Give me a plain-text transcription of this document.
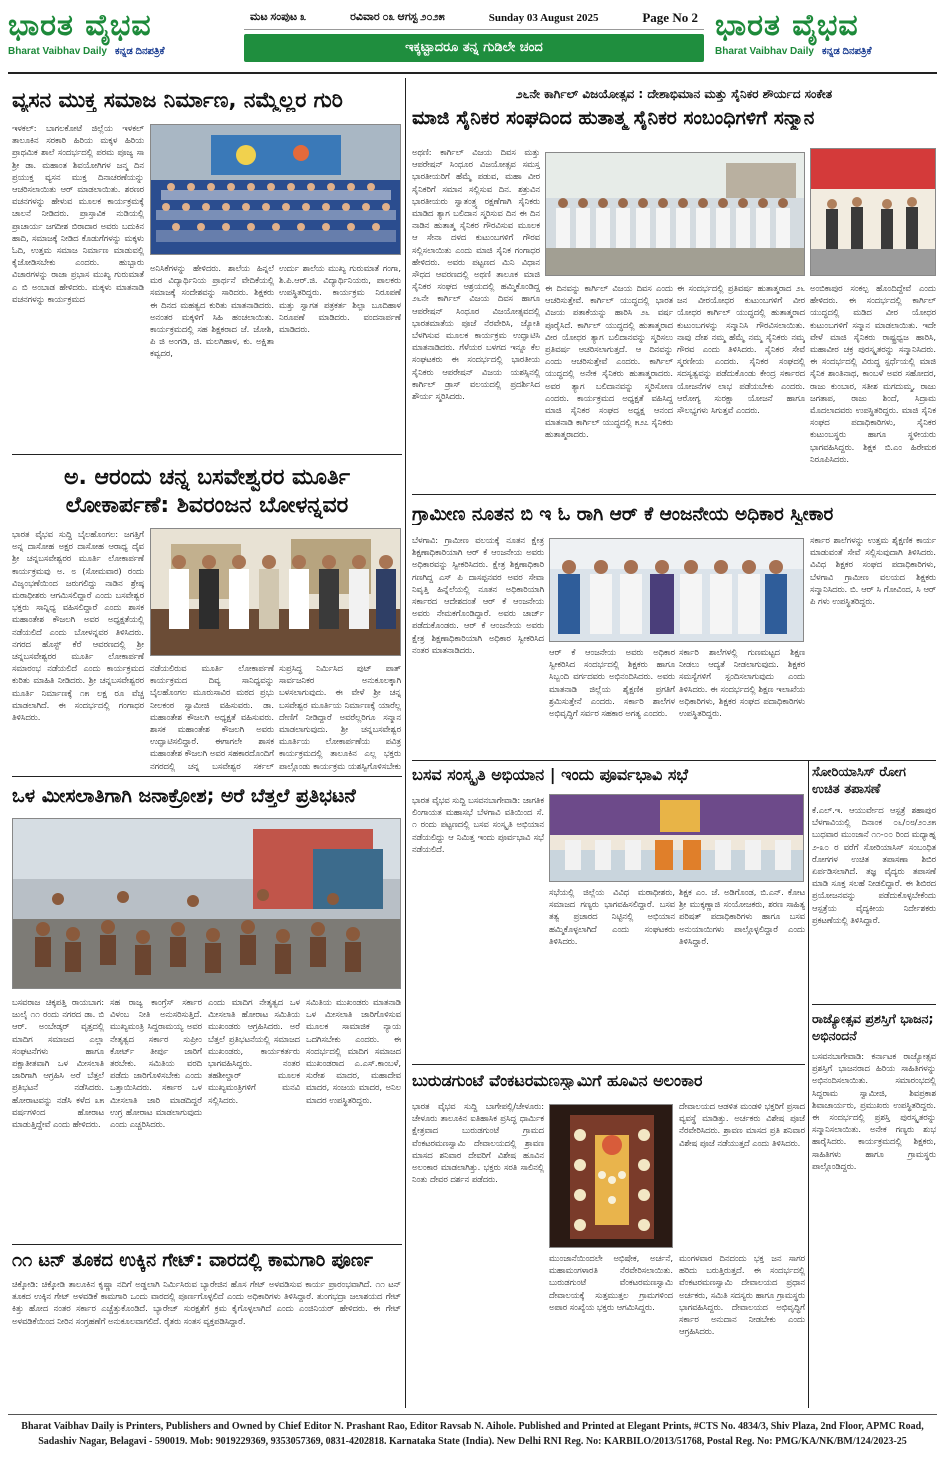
ಭಾರತ ವೈಭವ
Bharat Vaibhav Daily ಕನ್ನಡ ದಿನಪತ್ರಿಕೆ
ಮಟ ಸಂಪುಟ ೩	ರವಿವಾರ ೦೩ ಆಗಸ್ಟ ೨೦೨೫	Sunday 03 August 2025	Page No 2
ಇಕ್ಕಟ್ಟಾದರೂ ತನ್ನ ಗುಡಿಲೇ ಚಂದ
ಭಾರತ ವೈಭವ
Bharat Vaibhav Daily ಕನ್ನಡ ದಿನಪತ್ರಿಕೆ
ವ್ಯಸನ ಮುಕ್ತ ಸಮಾಜ ನಿರ್ಮಾಣ, ನಮ್ಮೆಲ್ಲರ ಗುರಿ
ಇಳಕಲ್: ಬಾಗಲಕೋಟೆ ಜಿಲ್ಲೆಯ ಇಳಕಲ್ ತಾಲೂಕಿನ ಸರಕಾರಿ ಹಿರಿಯ ಮಕ್ಕಳ ಹಿರಿಯ ಪ್ರಾಥಮಿಕ ಶಾಲೆ ಸಂದರ್ಭದಲ್ಲಿ ಪರಮ ಪೂಜ್ಯ ಸಾ ಶ್ರೀ ಡಾ. ಮಹಾಂತ ಶಿವಯೋಗಿಗಳ ಜನ್ಮ ದಿನ ಪ್ರಯುಕ್ತ ವ್ಯಸನ ಮುಕ್ತ ದಿನಾಚರಣೆಯನ್ನು ಆಚರಿಸಲಾಯಿತು ಆರ್ ಮಾಡಲಾಯಿತು. ಶರಣರ ವಚನಗಳನ್ನು ಹೇಳುವ ಮೂಲಕ ಕಾರ್ಯಕ್ರಮಕ್ಕೆ ಚಾಲನೆ ನೀಡಿದರು. ಪ್ರಾಸ್ತಾವಿಕ ನುಡಿಯಲ್ಲಿ ಪ್ರಾಚಾರ್ಯ ಜಗದೀಶ ಬಿರಾದಾರ ಅವರು ಬದುಕಿನ ಹಾದಿ, ಸಮಾಜಕ್ಕೆ ನೀಡಿದ ಕೊಡುಗೆಗಳನ್ನು ಮಕ್ಕಳು ಓದಿ, ಉತ್ತಮ ಸಮಾಜ ನಿರ್ಮಾಣ ಮಾಡುವಲ್ಲಿ ಕೈಜೋಡಿಸಬೇಕು ಎಂದರು. ಹುಬ್ಬಾರು ವಿಚಾರಗಳನ್ನು ರಾಜಾ ಪ್ರಭಾಸ ಮುಖ್ಯ ಗುರುಮಾತೆ ಎ ಬಿ ಅಂಬಾಡ ಹೇಳಿದರು. ಮಕ್ಕಳು ಮಾತನಾಡಿ ವಚನಗಳನ್ನು ಕಾರ್ಯಕ್ರಮದ
ಅನಿಸಿಕೆಗಳನ್ನು ಹೇಳಿದರು. ಶಾಲೆಯ ಹಿನ್ನಲೆ ಮಠ ವಿದ್ಯಾರ್ಥಿನಿಯ ಪ್ರಾರ್ಥನೆ ವೇದಿಕೆಯಲ್ಲಿ ಸಮಾಜಕ್ಕೆ ಸಂದೇಶವನ್ನು ಸಾರಿದರು. ಶಿಕ್ಷಕರು ಈ ದಿನದ ಮಹತ್ವದ ಕುರಿತು ಮಾತನಾಡಿದರು. ಅನಂತರ ಮಕ್ಕಳಿಗೆ ಸಿಹಿ ಹಂಚಲಾಯಿತು. ಕಾರ್ಯಕ್ರಮದಲ್ಲಿ ಸಹ ಶಿಕ್ಷಕರಾದ ಜೆ. ಜೋಶಿ, ಪಿ ಜಿ ಅಂಗಡಿ, ಜಿ. ಮಲಗಿಹಾಳ, ಕು. ಅಕ್ಷಿತಾ ಕವ್ವದರ,
ಉರ್ದು ಶಾಲೆಯ ಮುಖ್ಯ ಗುರುಮಾತೆ ಗಂಗಾ, ಶಿ.ಪಿ.ಆರ್.ಜಿ. ವಿದ್ಯಾರ್ಥಿನಿಯರು, ಪಾಲಕರು ಉಪಸ್ಥಿತರಿದ್ದರು. ಕಾರ್ಯಕ್ರಮ ನಿರೂಪಣೆ ಮತ್ತು ಸ್ವಾಗತ ಪತ್ರಕರ್ತ ಶಿಲ್ಪಾ ಬೂದಿಹಾಳ ನಿರೂಪಣೆ ಮಾಡಿದರು. ವಂದನಾರ್ಪಣೆ ಮಾಡಿದರು.
ಅ. ಆರಂದು ಚನ್ನ ಬಸವೇಶ್ವರರ ಮೂರ್ತಿ ಲೋಕಾರ್ಪಣೆ: ಶಿವರಂಜನ ಬೋಳನ್ನವರ
ಭಾರತ ವೈಭವ ಸುದ್ದಿ ಬೈಲಹೊಂಗಲ: ಜಗತ್ತಿಗೆ ಅನ್ನ ದಾಸೋಹ ಅಕ್ಷರ ದಾಸೋಹ ಆರಾಧ್ಯ ದೈವ ಶ್ರೀ ಚನ್ನಬಸವೇಶ್ವರರ ಮೂರ್ತಿ ಲೋಕಾರ್ಪಣೆ ಕಾರ್ಯಕ್ರಮವು ಅ. ೮ (ಸೋಮವಾರ) ರಂದು ವಿಜೃಂಭಣೆಯಿಂದ ಜರುಗಲಿದ್ದು ನಾಡಿನ ಶ್ರೇಷ್ಠ ಮಠಾಧೀಶರು ಆಗಮಿಸಲಿದ್ದಾರೆ ಎಂದು ಬಸವೇಶ್ವರ ಭಕ್ತರು ಸಾನ್ನಿಧ್ಯ ವಹಿಸಲಿದ್ದಾರೆ ಎಂದು ಶಾಸಕ ಮಹಾಂತೇಶ ಕೌಜಲಗಿ ಅವರ ಅಧ್ಯಕ್ಷತೆಯಲ್ಲಿ ನಡೆಯಲಿದೆ ಎಂದು ಬೋಳನ್ನವರ ತಿಳಿಸಿದರು. ನಗರದ ಹೊಸ್ಟ್ ಕೆರೆ ಆವರಣದಲ್ಲಿ ಶ್ರೀ ಚನ್ನಬಸವೇಶ್ವರರ ಮೂರ್ತಿ ಲೋಕಾರ್ಪಣೆ ಸಮಾರಂಭ ನಡೆಯಲಿದೆ ಎಂದು ಕಾರ್ಯಕ್ರಮದ ಕುರಿತು ಮಾಹಿತಿ ನೀಡಿದರು. ಶ್ರೀ ಚನ್ನಬಸವೇಶ್ವರರ ಮೂರ್ತಿ ನಿರ್ಮಾಣಕ್ಕೆ ೧೫ ಲಕ್ಷ ರೂ ವೆಚ್ಚ ಮಾಡಲಾಗಿದೆ. ಈ ಸಂದರ್ಭದಲ್ಲಿ ಗಂಗಾಧರ ತಿಳಿಸಿದರು.
ನಡೆಯಲಿರುವ ಮೂರ್ತಿ ಲೋಕಾರ್ಪಣೆ ಕಾರ್ಯಕ್ರಮದ ದಿವ್ಯ ಸಾನಿಧ್ಯವನ್ನು ಬೈಲಹೊಂಗಲ ಮೂರುಸಾವಿರ ಮಠದ ಪ್ರಭು ನೀಲಕಂಠ ಸ್ವಾಮೀಜಿ ವಹಿಸುವರು. ಡಾ. ಮಹಾಂತೇಶ ಕೌಜಲಗಿ ಅಧ್ಯಕ್ಷತೆ ವಹಿಸುವರು. ಶಾಸಕ ಮಹಾಂತೇಶ ಕೌಜಲಗಿ ಅವರು ಉದ್ಘಾಟಿಸಲಿದ್ದಾರೆ. ಈಗಾಗಲೇ ಶಾಸಕ ಮಹಾಂತೇಶ ಕೌಜಲಗಿ ಅವರ ಸಹಕಾರದೊಂದಿಗೆ ನಗರದಲ್ಲಿ ಚನ್ನ ಬಸವೇಶ್ವರ ಸರ್ಕಲ್
ಸುಪ್ರಸಿದ್ಧ ನಿರ್ಮಿಸಿದ ಪುಟ್ ಪಾತ್ ಸಾರ್ವಜನಿಕರ ಅನುಕೂಲಕ್ಕಾಗಿ ಬಳಸಲಾಗುವುದು. ಈ ವೇಳೆ ಶ್ರೀ ಚನ್ನ ಬಸವೇಶ್ವರ ಮೂರ್ತಿಯ ನಿರ್ಮಾಣಕ್ಕೆ ಯಾರೆಲ್ಲ ದೇಣಿಗೆ ನೀಡಿದ್ದಾರೆ ಅವರೆಲ್ಲರಿಗೂ ಸನ್ಮಾನ ಮಾಡಲಾಗುವುದು. ಶ್ರೀ ಚನ್ನಬಸವೇಶ್ವರ ಮೂರ್ತಿಯ ಲೋಕಾರ್ಪಣೆಯ ಪವಿತ್ರ ಕಾರ್ಯಕ್ರಮದಲ್ಲಿ ತಾಲೂಕಿನ ಎಲ್ಲ ಭಕ್ತರು ಪಾಲ್ಗೊಂಡು ಕಾರ್ಯಕ್ರಮ ಯಶಸ್ವಿಗೊಳಿಸಬೇಕು
ಒಳ ಮೀಸಲಾತಿಗಾಗಿ ಜನಾಕ್ರೋಶ; ಅರೆ ಬೆತ್ತಲೆ ಪ್ರತಿಭಟನೆ
ಬಸವರಾಜ ಚಿಕ್ಕಪತ್ತಿ ರಾಯಬಾಗ: ಜುಲೈ ೧೧ ರಂದು ನಗರದ ಡಾ. ಬಿ ಆರ್. ಅಂಬೇಡ್ಕರ್ ವೃತ್ತದಲ್ಲಿ ಮಾದಿಗ ಸಮಾಜದ ಎಲ್ಲಾ ಸಂಘಟನೆಗಳು ಹಾಗೂ ಪಕ್ಷಾತೀತವಾಗಿ ಒಳ ಮೀಸಲಾತಿ ಜಾರಿಗಾಗಿ ಆಗ್ರಹಿಸಿ ಅರೆ ಬೆತ್ತಲೆ ಪ್ರತಿಭಟನೆ ನಡೆಸಿದರು. ಹೋರಾಟವನ್ನು ನಡೆಸಿ ಕಳೆದ ೩೫ ವರ್ಷಗಳಿಂದ ಹೋರಾಟ ಮಾಡುತ್ತಿದ್ದೇವೆ ಎಂದು ಹೇಳಿದರು.
ಸಹ ರಾಜ್ಯ ಕಾಂಗ್ರೆಸ್ ಸರ್ಕಾರ ವಿಳಂಬ ನೀತಿ ಅನುಸರಿಸುತ್ತಿದೆ. ಮುಖ್ಯಮಂತ್ರಿ ಸಿದ್ದರಾಮಯ್ಯ ಅವರ ನೇತೃತ್ವದ ಸರ್ಕಾರ ಸುಪ್ರೀಂ ಕೋರ್ಟ್ ತೀರ್ಪು ಜಾರಿಗೆ ತರಬೇಕು. ಸಮಿತಿಯ ವರದಿ ಪಡೆದು ಜಾರಿಗೊಳಿಸಬೇಕು ಎಂದು ಒತ್ತಾಯಿಸಿದರು. ಸರ್ಕಾರ ಒಳ ಮೀಸಲಾತಿ ಜಾರಿ ಮಾಡದಿದ್ದರೆ ಉಗ್ರ ಹೋರಾಟ ಮಾಡಲಾಗುವುದು ಎಂದು ಎಚ್ಚರಿಸಿದರು.
ಎಂದು ಮಾದಿಗ ನೇತೃತ್ವದ ಒಳ ಮೀಸಲಾತಿ ಹೋರಾಟ ಸಮಿತಿಯ ಮುಖಂಡರು ಆಗ್ರಹಿಸಿದರು. ಅರೆ ಬೆತ್ತಲೆ ಪ್ರತಿಭಟನೆಯಲ್ಲಿ ಸಮಾಜದ ಮುಖಂಡರು, ಕಾರ್ಯಕರ್ತರು ಭಾಗವಹಿಸಿದ್ದರು. ನಂತರ ತಹಶೀಲ್ದಾರ್ ಮೂಲಕ ಮುಖ್ಯಮಂತ್ರಿಗಳಿಗೆ ಮನವಿ ಸಲ್ಲಿಸಿದರು.
ಸಮಿತಿಯ ಮುಖಂಡರು ಮಾತನಾಡಿ ಒಳ ಮೀಸಲಾತಿ ಜಾರಿಗೊಳಿಸುವ ಮೂಲಕ ಸಾಮಾಜಿಕ ನ್ಯಾಯ ಒದಗಿಸಬೇಕು ಎಂದರು. ಈ ಸಂದರ್ಭದಲ್ಲಿ ಮಾದಿಗ ಸಮಾಜದ ಮುಖಂಡರಾದ ಎ.ಎಸ್.ಕಾಂಬಳೆ, ಸುರೇಶ ಮಾದರ, ಮಹಾದೇವ ಮಾದರ, ಸಂಜಯ ಮಾದರ, ಅನಿಲ ಮಾದರ ಉಪಸ್ಥಿತರಿದ್ದರು.
೧೧ ಟನ್ ತೂಕದ ಉಕ್ಕಿನ ಗೇಟ್: ವಾರದಲ್ಲಿ ಕಾಮಗಾರಿ ಪೂರ್ಣ
ಚಿಕ್ಕೋಡಿ: ಚಿಕ್ಕೋಡಿ ತಾಲೂಕಿನ ಕೃಷ್ಣಾ ನದಿಗೆ ಅಡ್ಡಲಾಗಿ ನಿರ್ಮಿಸಿರುವ ಬ್ಯಾರೇಜಿನ ಹೊಸ ಗೇಟ್ ಅಳವಡಿಸುವ ಕಾರ್ಯ ಪ್ರಾರಂಭವಾಗಿದೆ. ೧೧ ಟನ್ ತೂಕದ ಉಕ್ಕಿನ ಗೇಟ್ ಅಳವಡಿಕೆ ಕಾಮಗಾರಿ ಒಂದು ವಾರದಲ್ಲಿ ಪೂರ್ಣಗೊಳ್ಳಲಿದೆ ಎಂದು ಅಧಿಕಾರಿಗಳು ತಿಳಿಸಿದ್ದಾರೆ. ತುಂಗಭದ್ರಾ ಜಲಾಶಯದ ಗೇಟ್ ಕಿತ್ತು ಹೋದ ನಂತರ ಸರ್ಕಾರ ಎಚ್ಚೆತ್ತುಕೊಂಡಿದೆ. ಬ್ಯಾರೇಜ್ ಸುರಕ್ಷತೆಗೆ ಕ್ರಮ ಕೈಗೊಳ್ಳಲಾಗಿದೆ ಎಂದು ಎಂಜಿನಿಯರ್ ಹೇಳಿದರು. ಈ ಗೇಟ್ ಅಳವಡಿಕೆಯಿಂದ ನೀರಿನ ಸಂಗ್ರಹಣೆಗೆ ಅನುಕೂಲವಾಗಲಿದೆ. ರೈತರು ಸಂತಸ ವ್ಯಕ್ತಪಡಿಸಿದ್ದಾರೆ.
೨೬ನೇ ಕಾರ್ಗಿಲ್ ವಿಜಯೋತ್ಸವ : ದೇಶಾಭಿಮಾನ ಮತ್ತು ಸೈನಿಕರ ಶೌರ್ಯದ ಸಂಕೇತ
ಮಾಜಿ ಸೈನಿಕರ ಸಂಘದಿಂದ ಹುತಾತ್ಮ ಸೈನಿಕರ ಸಂಬಂಧಿಗಳಿಗೆ ಸನ್ಮಾನ
ಅಥಣಿ: ಕಾರ್ಗಿಲ್ ವಿಜಯ ದಿವಸ ಮತ್ತು ಆಪರೇಷನ್ ಸಿಂಧೂರ ವಿಜಯೋತ್ಸವ ಸಮಸ್ತ ಭಾರತೀಯರಿಗೆ ಹೆಮ್ಮೆ ಪಡುವ, ಮಹಾ ವೀರ ಸೈನಿಕರಿಗೆ ಸಮಾನ ಸಲ್ಲಿಸುವ ದಿನ. ಶತ್ರುವಿನ ಭಾರತೀಯರು ಸ್ವಾತಂತ್ರ್ಯ ರಕ್ಷಣೆಗಾಗಿ ಸೈನಿಕರು ಮಾಡಿದ ತ್ಯಾಗ ಬಲಿದಾನ ಸ್ಮರಿಸುವ ದಿನ ಈ ದಿನ ನಾಡಿನ ಹುತಾತ್ಮ ಸೈನಿಕರ ಗೌರವಿಸುವ ಮೂಲಕ ಆ ಸೇನಾ ದಳದ ಕುಟುಂಬಗಳಿಗೆ ಗೌರವ ಸಲ್ಲಿಸಲಾಯಿತು ಎಂದು ಮಾಜಿ ಸೈನಿಕ ಗಂಗಾಧರ ಹೇಳಿದರು. ಅವರು ಪಟ್ಟಣದ ಮಿನಿ ವಿಧಾನ ಸೌಧದ ಆವರಣದಲ್ಲಿ ಅಥಣಿ ತಾಲೂಕ ಮಾಜಿ ಸೈನಿಕರ ಸಂಘದ ಆಶ್ರಯದಲ್ಲಿ ಹಮ್ಮಿಕೊಂಡಿದ್ದ ೨೬ನೇ ಕಾರ್ಗಿಲ್ ವಿಜಯ ದಿವಸ ಹಾಗೂ ಆಪರೇಷನ್ ಸಿಂಧೂರ ವಿಜಯೋತ್ಸವದಲ್ಲಿ ಭಾರತಮಾತೆಯ ಪೂಜೆ ನೆರವೇರಿಸಿ, ಜ್ಯೋತಿ ಬೆಳಗಿಸುವ ಮೂಲಕ ಕಾರ್ಯಕ್ರಮ ಉದ್ಘಾಟಿಸಿ ಮಾತನಾಡಿದರು. ಗೆಳೆಯರ ಬಳಗದ ಇನ್ನೂ ಕೆಲ ಸಂಘಟಕರು ಈ ಸಂದರ್ಭದಲ್ಲಿ ಭಾರತೀಯ ಸೈನಿಕರು ಆಪರೇಷನ್ ವಿಜಯ ಯಶಸ್ಸಿನಲ್ಲಿ ಕಾರ್ಗಿಲ್ ಡ್ರಾಸ್ ವಲಯದಲ್ಲಿ ಪ್ರದರ್ಶಿಸಿದ ಶೌರ್ಯ ಸ್ಮರಿಸಿದರು.
ಈ ದಿನವನ್ನು ಕಾರ್ಗಿಲ್ ವಿಜಯ ದಿವಸ ಎಂದು ಆಚರಿಸುತ್ತೇವೆ. ಕಾರ್ಗಿಲ್ ಯುದ್ಧದಲ್ಲಿ ಭಾರತ ವಿಜಯ ಪತಾಕೆಯನ್ನು ಹಾರಿಸಿ ೨೬ ವರ್ಷ ಪೂರೈಸಿದೆ. ಕಾರ್ಗಿಲ್ ಯುದ್ಧದಲ್ಲಿ ಹುತಾತ್ಮರಾದ ವೀರ ಯೋಧರ ತ್ಯಾಗ ಬಲಿದಾನವನ್ನು ಸ್ಮರಿಸಲು ಪ್ರತಿವರ್ಷ ಆಚರಿಸಲಾಗುತ್ತದೆ. ಆ ದಿನವನ್ನು ಎಂದು ಆಚರಿಸುತ್ತೇವೆ ಎಂದರು. ಕಾರ್ಗಿಲ್ ಯುದ್ಧದಲ್ಲಿ ಅನೇಕ ಸೈನಿಕರು ಹುತಾತ್ಮರಾದರು. ಅವರ ತ್ಯಾಗ ಬಲಿದಾನವನ್ನು ಸ್ಮರಿಸೋಣ ಎಂದರು. ಕಾರ್ಯಕ್ರಮದ ಅಧ್ಯಕ್ಷತೆ ವಹಿಸಿದ್ದ ಮಾಜಿ ಸೈನಿಕರ ಸಂಘದ ಅಧ್ಯಕ್ಷ ಆನಂದ ಮಾತನಾಡಿ ಕಾರ್ಗಿಲ್ ಯುದ್ಧದಲ್ಲಿ ೫೨೭ ಸೈನಿಕರು ಹುತಾತ್ಮರಾದರು.
ಈ ಸಂದರ್ಭದಲ್ಲಿ ಪ್ರತಿವರ್ಷ ಹುತಾತ್ಮರಾದ ೨೬ ಜನ ವೀರಯೋಧರ ಕುಟುಂಬಗಳಿಗೆ ವೀರ ಯೋಧರ ಕಾರ್ಗಿಲ್ ಯುದ್ಧದಲ್ಲಿ ಹುತಾತ್ಮರಾದ ಕುಟುಂಬಗಳನ್ನು ಸನ್ಮಾನಿಸಿ ಗೌರವಿಸಲಾಯಿತು. ನಾವು ದೇಶ ನಮ್ಮ ಹೆಮ್ಮೆ ನಮ್ಮ ಸೈನಿಕರು ನಮ್ಮ ಗೌರವ ಎಂದು ತಿಳಿಸಿದರು. ಸೈನಿಕರ ಸೇವೆ ಸ್ಮರಣೀಯ ಎಂದರು. ಸೈನಿಕರ ಸಂಘದಲ್ಲಿ ಸದಸ್ಯತ್ವವನ್ನು ಪಡೆದುಕೊಂಡು ಕೇಂದ್ರ ಸರ್ಕಾರದ ಯೋಜನೆಗಳ ಲಾಭ ಪಡೆಯಬೇಕು ಎಂದರು. ಆರೋಗ್ಯ ಸುರಕ್ಷಾ ಯೋಜನೆ ಹಾಗೂ ಸೌಲಭ್ಯಗಳು ಸಿಗುತ್ತವೆ ಎಂದರು.
ಅಂಬಿಕಾಪುರ ಸಂಕಲ್ಪ ಹೊಂದಿದ್ದೇವೆ ಎಂದು ಹೇಳಿದರು. ಈ ಸಂದರ್ಭದಲ್ಲಿ ಕಾರ್ಗಿಲ್ ಯುದ್ಧದಲ್ಲಿ ಮಡಿದ ವೀರ ಯೋಧರ ಕುಟುಂಬಗಳಿಗೆ ಸನ್ಮಾನ ಮಾಡಲಾಯಿತು. ಇದೇ ವೇಳೆ ಮಾಜಿ ಸೈನಿಕರು ರಾಷ್ಟ್ರಧ್ವಜ ಹಾರಿಸಿ, ಮಹಾವೀರ ಚಕ್ರ ಪುರಸ್ಕೃತರನ್ನು ಸನ್ಮಾನಿಸಿದರು. ಈ ಸಂದರ್ಭದಲ್ಲಿ ವಿರುದ್ಧ ಸ್ಪರ್ಧೆಯಲ್ಲಿ ಮಾಜಿ ಸೈನಿಕ ಶಾಂತಿನಾಥ, ಕಾಂಬಳೆ ಅವರ ಸಹೋದರ, ರಾಜು ಕುಂಬಾರ, ಸತೀಶ ಮಗದುಮ್ಮ, ರಾಜು ಜಗತಾಪ, ರಾಜು ಶಿಂದೆ, ಸಿದ್ರಾಮ ಮೊದಲಾದವರು ಉಪಸ್ಥಿತರಿದ್ದರು. ಮಾಜಿ ಸೈನಿಕ ಸಂಘದ ಪದಾಧಿಕಾರಿಗಳು, ಸೈನಿಕರ ಕುಟುಂಬಸ್ಥರು ಹಾಗೂ ಸ್ಥಳೀಯರು ಭಾಗವಹಿಸಿದ್ದರು. ಶಿಕ್ಷಕ ಬಿ.ಎಂ ಹಿರೇಮಠ ನಿರೂಪಿಸಿದರು.
ಗ್ರಾಮೀಣ ನೂತನ ಬಿ ಇ ಓ ರಾಗಿ ಆರ್ ಕೆ ಆಂಜನೇಯ ಅಧಿಕಾರ ಸ್ವೀಕಾರ
ಬೆಳಗಾವಿ: ಗ್ರಾಮೀಣ ವಲಯಕ್ಕೆ ನೂತನ ಕ್ಷೇತ್ರ ಶಿಕ್ಷಣಾಧಿಕಾರಿಯಾಗಿ ಆರ್ ಕೆ ಆಂಜನೇಯ ಅವರು ಅಧಿಕಾರವನ್ನು ಸ್ವೀಕರಿಸಿದರು. ಕ್ಷೇತ್ರ ಶಿಕ್ಷಣಾಧಿಕಾರಿ ಗಣಗಿದ್ದ ಎಸ್ ಪಿ ದಾಸಪ್ಪನವರ ಅವರ ಸೇವಾ ನಿವೃತ್ತಿ ಹಿನ್ನೆಲೆಯಲ್ಲಿ ನೂತನ ಅಧಿಕಾರಿಯಾಗಿ ಸರ್ಕಾರದ ಆದೇಶದಂತೆ ಆರ್ ಕೆ ಆಂಜನೇಯ ಅವರು ನೇಮಕಗೊಂಡಿದ್ದಾರೆ. ಅವರು ಚಾರ್ಜ್ ಪಡೆದುಕೊಂಡರು. ಆರ್ ಕೆ ಆಂಜನೇಯ ಅವರು ಕ್ಷೇತ್ರ ಶಿಕ್ಷಣಾಧಿಕಾರಿಯಾಗಿ ಅಧಿಕಾರ ಸ್ವೀಕರಿಸಿದ ನಂತರ ಮಾತನಾಡಿದರು.	ಆರ್ ಕೆ ಆಂಜನೇಯ ಅವರು ಅಧಿಕಾರ ಸ್ವೀಕರಿಸಿದ ಸಂದರ್ಭದಲ್ಲಿ ಶಿಕ್ಷಕರು ಹಾಗೂ ಸಿಬ್ಬಂದಿ ವರ್ಗದವರು ಅಭಿನಂದಿಸಿದರು. ಅವರು ಮಾತನಾಡಿ ಜಿಲ್ಲೆಯ ಶೈಕ್ಷಣಿಕ ಪ್ರಗತಿಗೆ ಶ್ರಮಿಸುತ್ತೇನೆ ಎಂದರು. ಸರ್ಕಾರಿ ಶಾಲೆಗಳ ಅಭಿವೃದ್ಧಿಗೆ ಸರ್ವರ ಸಹಕಾರ ಅಗತ್ಯ ಎಂದರು.
ಸರ್ಕಾರಿ ಶಾಲೆಗಳಲ್ಲಿ ಗುಣಮಟ್ಟದ ಶಿಕ್ಷಣ ನೀಡಲು ಆದ್ಯತೆ ನೀಡಲಾಗುವುದು. ಶಿಕ್ಷಕರ ಸಮಸ್ಯೆಗಳಿಗೆ ಸ್ಪಂದಿಸಲಾಗುವುದು ಎಂದು ತಿಳಿಸಿದರು. ಈ ಸಂದರ್ಭದಲ್ಲಿ ಶಿಕ್ಷಣ ಇಲಾಖೆಯ ಅಧಿಕಾರಿಗಳು, ಶಿಕ್ಷಕರ ಸಂಘದ ಪದಾಧಿಕಾರಿಗಳು ಉಪಸ್ಥಿತರಿದ್ದರು.
ಸರ್ಕಾರ ಶಾಲೆಗಳನ್ನು ಉತ್ತಮ ಶೈಕ್ಷಣಿಕ ಕಾರ್ಯ ಮಾಡುವಂತೆ ಸೇವೆ ಸಲ್ಲಿಸುವುದಾಗಿ ತಿಳಿಸಿದರು. ವಿವಿಧ ಶಿಕ್ಷಕರ ಸಂಘದ ಪದಾಧಿಕಾರಿಗಳು, ಬೆಳಗಾವಿ ಗ್ರಾಮೀಣ ವಲಯದ ಶಿಕ್ಷಕರು ಸನ್ಮಾನಿಸಿದರು. ಬಿ. ಆರ್ ಸಿ ಗೋವಿಂದ, ಸಿ ಆರ್ ಪಿ ಗಳು ಉಪಸ್ಥಿತರಿದ್ದರು.
ಬಸವ ಸಂಸ್ಕೃತಿ ಅಭಿಯಾನ | ಇಂದು ಪೂರ್ವಭಾವಿ ಸಭೆ
ಭಾರತ ವೈಭವ ಸುದ್ದಿ ಬಸವನಬಾಗೇವಾಡಿ: ಜಾಗತಿಕ ಲಿಂಗಾಯತ ಮಹಾಸಭೆ ಬೆಳಗಾವಿ ವತಿಯಿಂದ ಸೆ. ೧ ರಂದು ಪಟ್ಟಣದಲ್ಲಿ ಬಸವ ಸಂಸ್ಕೃತಿ ಅಭಿಯಾನ ನಡೆಯಲಿದ್ದು ಆ ನಿಮಿತ್ತ ಇಂದು ಪೂರ್ವಭಾವಿ ಸಭೆ ನಡೆಯಲಿದೆ.
ಸಭೆಯಲ್ಲಿ ಜಿಲ್ಲೆಯ ವಿವಿಧ ಮಠಾಧೀಶರು, ಸಮಾಜದ ಗಣ್ಯರು ಭಾಗವಹಿಸಲಿದ್ದಾರೆ. ಬಸವ ತತ್ವ ಪ್ರಚಾರದ ನಿಟ್ಟಿನಲ್ಲಿ ಅಭಿಯಾನ ಹಮ್ಮಿಕೊಳ್ಳಲಾಗಿದೆ ಎಂದು ಸಂಘಟಕರು ತಿಳಿಸಿದರು.
ಶಿಕ್ಷಕ ಎಂ. ಜೆ. ಅಡಿಗೊಂಡ, ಬಿ.ಎನ್. ಕೋಟ ಶ್ರೀ ಮುಕ್ಕಣ್ಣಾಜಿ ಸಂಯೋಜಕರು, ಶರಣ ಸಾಹಿತ್ಯ ಪರಿಷತ್ ಪದಾಧಿಕಾರಿಗಳು ಹಾಗೂ ಬಸವ ಅನುಯಾಯಿಗಳು ಪಾಲ್ಗೊಳ್ಳಲಿದ್ದಾರೆ ಎಂದು ತಿಳಿಸಿದ್ದಾರೆ.
ಸೋರಿಯಾಸಿಸ್ ರೋಗ ಉಚಿತ ತಪಾಸಣೆ
ಕೆ.ಎಲ್.ಇ. ಆಯುರ್ವೇದ ಆಸ್ಪತ್ರೆ ಶಹಾಪುರ ಬೆಳಗಾವಿಯಲ್ಲಿ ದಿನಾಂಕ ೦೬/೦೮/೨೦೨೫ ಬುಧವಾರ ಮುಂಜಾನೆ ೧೧-೦೦ ರಿಂದ ಮಧ್ಯಾಹ್ನ ೨-೩೦ ರ ವರೆಗೆ ಸೋರಿಯಾಸಿಸ್ ಸಂಬಂಧಿತ ರೋಗಗಳ ಉಚಿತ ತಪಾಸಣಾ ಶಿಬಿರ ಏರ್ಪಡಿಸಲಾಗಿದೆ. ತಜ್ಞ ವೈದ್ಯರು ತಪಾಸಣೆ ಮಾಡಿ ಸೂಕ್ತ ಸಲಹೆ ನೀಡಲಿದ್ದಾರೆ. ಈ ಶಿಬಿರದ ಪ್ರಯೋಜನವನ್ನು ಪಡೆದುಕೊಳ್ಳಬೇಕೆಂದು ಆಸ್ಪತ್ರೆಯ ವೈದ್ಯಕೀಯ ನಿರ್ದೇಶಕರು ಪ್ರಕಟಣೆಯಲ್ಲಿ ತಿಳಿಸಿದ್ದಾರೆ.
ರಾಜ್ಯೋತ್ಸವ ಪ್ರಶಸ್ತಿಗೆ ಭಾಜನ; ಅಭಿನಂದನೆ
ಬಸವನಬಾಗೇವಾಡಿ: ಕರ್ನಾಟಕ ರಾಜ್ಯೋತ್ಸವ ಪ್ರಶಸ್ತಿಗೆ ಭಾಜನರಾದ ಹಿರಿಯ ಸಾಹಿತಿಗಳನ್ನು ಅಭಿನಂದಿಸಲಾಯಿತು. ಸಮಾರಂಭದಲ್ಲಿ ಸಿದ್ದರಾಮ ಸ್ವಾಮೀಜಿ, ಶಿವಪ್ರಕಾಶ ಶಿವಾಚಾರ್ಯರು, ಪ್ರಮುಖರು ಉಪಸ್ಥಿತರಿದ್ದರು. ಈ ಸಂದರ್ಭದಲ್ಲಿ ಪ್ರಶಸ್ತಿ ಪುರಸ್ಕೃತರನ್ನು ಸನ್ಮಾನಿಸಲಾಯಿತು. ಅನೇಕ ಗಣ್ಯರು ಶುಭ ಹಾರೈಸಿದರು. ಕಾರ್ಯಕ್ರಮದಲ್ಲಿ ಶಿಕ್ಷಕರು, ಸಾಹಿತಿಗಳು ಹಾಗೂ ಗ್ರಾಮಸ್ಥರು ಪಾಲ್ಗೊಂಡಿದ್ದರು.
ಬುರುಡಗುಂಟೆ ವೆಂಕಟರಮಣಸ್ವಾಮಿಗೆ ಹೂವಿನ ಅಲಂಕಾರ
ಭಾರತ ವೈಭವ ಸುದ್ದಿ ಬಾಗೇಪಲ್ಲಿ/ಚೇಳೂರು: ಚೇಳೂರು ತಾಲೂಕಿನ ಐತಿಹಾಸಿಕ ಪ್ರಸಿದ್ಧ ಧಾರ್ಮಿಕ ಕ್ಷೇತ್ರವಾದ ಬುರುಡಗುಂಟೆ ಗ್ರಾಮದ ವೆಂಕಟರಮಣಸ್ವಾಮಿ ದೇವಾಲಯದಲ್ಲಿ ಶ್ರಾವಣ ಮಾಸದ ಶನಿವಾರ ದೇವರಿಗೆ ವಿಶೇಷ ಹೂವಿನ ಅಲಂಕಾರ ಮಾಡಲಾಗಿತ್ತು. ಭಕ್ತರು ಸರತಿ ಸಾಲಿನಲ್ಲಿ ನಿಂತು ದೇವರ ದರ್ಶನ ಪಡೆದರು.
ಮುಂಜಾನೆಯಿಂದಲೇ ಅಭಿಷೇಕ, ಅರ್ಚನೆ, ಮಹಾಮಂಗಳಾರತಿ ನೆರವೇರಿಸಲಾಯಿತು. ಬುರುಡಗುಂಟೆ ವೆಂಕಟರಮಣಸ್ವಾಮಿ ದೇವಾಲಯಕ್ಕೆ ಸುತ್ತಮುತ್ತಲ ಗ್ರಾಮಗಳಿಂದ ಅಪಾರ ಸಂಖ್ಯೆಯ ಭಕ್ತರು ಆಗಮಿಸಿದ್ದರು.
ದೇವಾಲಯದ ಆಡಳಿತ ಮಂಡಳಿ ಭಕ್ತರಿಗೆ ಪ್ರಸಾದ ವ್ಯವಸ್ಥೆ ಮಾಡಿತ್ತು. ಅರ್ಚಕರು ವಿಶೇಷ ಪೂಜೆ ನೆರವೇರಿಸಿದರು. ಶ್ರಾವಣ ಮಾಸದ ಪ್ರತಿ ಶನಿವಾರ ವಿಶೇಷ ಪೂಜೆ ನಡೆಯುತ್ತದೆ ಎಂದು ತಿಳಿಸಿದರು.
ಮಂಗಳವಾರ ದಿನದಂದು ಭಕ್ತ ಜನ ಸಾಗರ ಹರಿದು ಬರುತ್ತಿರುತ್ತದೆ. ಈ ಸಂದರ್ಭದಲ್ಲಿ ವೆಂಕಟರಮಣಸ್ವಾಮಿ ದೇವಾಲಯದ ಪ್ರಧಾನ ಅರ್ಚಕರು, ಸಮಿತಿ ಸದಸ್ಯರು ಹಾಗೂ ಗ್ರಾಮಸ್ಥರು ಭಾಗವಹಿಸಿದ್ದರು. ದೇವಾಲಯದ ಅಭಿವೃದ್ಧಿಗೆ ಸರ್ಕಾರ ಅನುದಾನ ನೀಡಬೇಕು ಎಂದು ಆಗ್ರಹಿಸಿದರು.
Bharat Vaibhav Daily is Printers, Publishers and Owned by Chief Editor N. Prashant Rao, Editor Ravsab N. Aihole. Published and Printed at Elegant Prints, #CTS No. 4834/3, Shiv Plaza, 2nd Floor, APMC Road,
Sadashiv Nagar, Belagavi - 590019. Mob: 9019229369, 9353057369, 0831-4202818. Karnataka State (India). New Delhi RNI Reg. No: KARBILO/2013/51768, Postal Reg. No: PMG/KA/NK/BM/124/2023-25
